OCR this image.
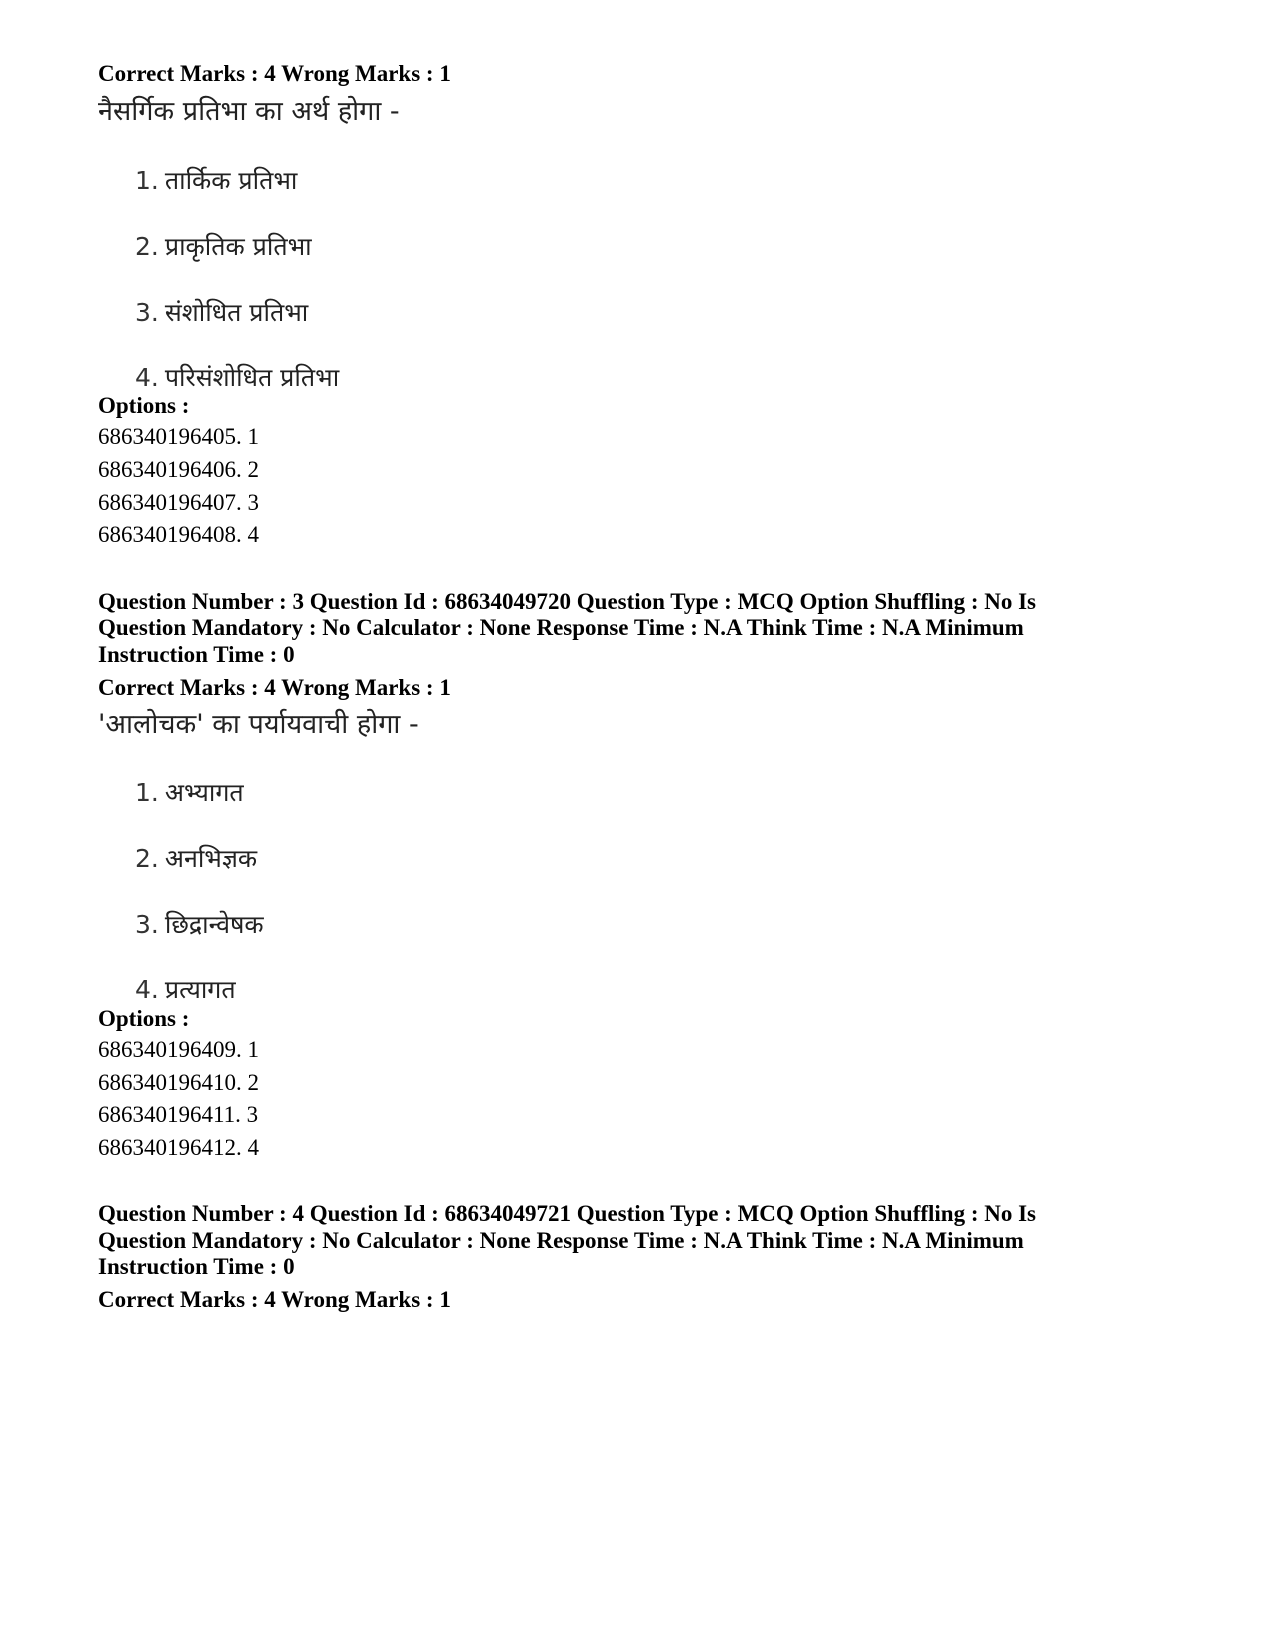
Correct Marks : 4 Wrong Marks : 1

नैसर्गिक प्रतिभा का अर्थ होगा -

1. तार्किक प्रतिभा

2. प्राकृतिक प्रतिभा

3. संशोधित प्रतिभा

4. परिसंशोधित प्रतिभा

Options :

686340196405. 1

686340196406. 2

686340196407. 3

686340196408. 4

Question Number : 3 Question Id : 68634049720 Question Type : MCQ Option Shuffling : No Is

Question Mandatory : No Calculator : None Response Time : N.A Think Time : N.A Minimum

Instruction Time : 0

Correct Marks : 4 Wrong Marks : 1

'आलोचक' का पर्यायवाची होगा -

1. अभ्यागत

2. अनभिज्ञक

3. छिद्रान्वेषक

4. प्रत्यागत

Options :

686340196409. 1

686340196410. 2

686340196411. 3

686340196412. 4

Question Number : 4 Question Id : 68634049721 Question Type : MCQ Option Shuffling : No Is

Question Mandatory : No Calculator : None Response Time : N.A Think Time : N.A Minimum

Instruction Time : 0

Correct Marks : 4 Wrong Marks : 1
